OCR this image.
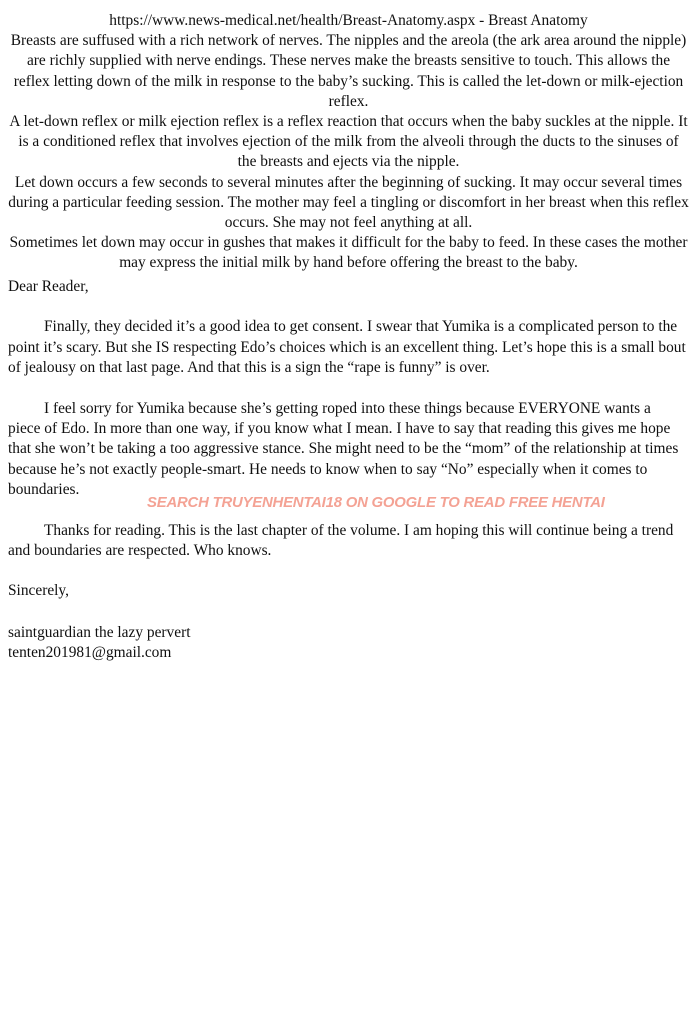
https://www.news-medical.net/health/Breast-Anatomy.aspx - Breast Anatomy
Breasts are suffused with a rich network of nerves. The nipples and the areola (the ark area around the nipple) are richly supplied with nerve endings. These nerves make the breasts sensitive to touch. This allows the reflex letting down of the milk in response to the baby’s sucking. This is called the let-down or milk-ejection reflex.
A let-down reflex or milk ejection reflex is a reflex reaction that occurs when the baby suckles at the nipple. It is a conditioned reflex that involves ejection of the milk from the alveoli through the ducts to the sinuses of the breasts and ejects via the nipple.
Let down occurs a few seconds to several minutes after the beginning of sucking. It may occur several times during a particular feeding session. The mother may feel a tingling or discomfort in her breast when this reflex occurs. She may not feel anything at all.
Sometimes let down may occur in gushes that makes it difficult for the baby to feed. In these cases the mother may express the initial milk by hand before offering the breast to the baby.

Dear Reader,

Finally, they decided it’s a good idea to get consent. I swear that Yumika is a complicated person to the point it’s scary. But she IS respecting Edo’s choices which is an excellent thing. Let’s hope this is a small bout of jealousy on that last page. And that this is a sign the “rape is funny” is over.

I feel sorry for Yumika because she’s getting roped into these things because EVERYONE wants a piece of Edo. In more than one way, if you know what I mean. I have to say that reading this gives me hope that she won’t be taking a too aggressive stance. She might need to be the “mom” of the relationship at times because he’s not exactly people-smart. He needs to know when to say “No” especially when it comes to boundaries.

Thanks for reading. This is the last chapter of the volume. I am hoping this will continue being a trend and boundaries are respected. Who knows.

Sincerely,

saintguardian the lazy pervert
tenten201981@gmail.com
SEARCH TRUYENHENTAI18 ON GOOGLE TO READ FREE HENTAI
